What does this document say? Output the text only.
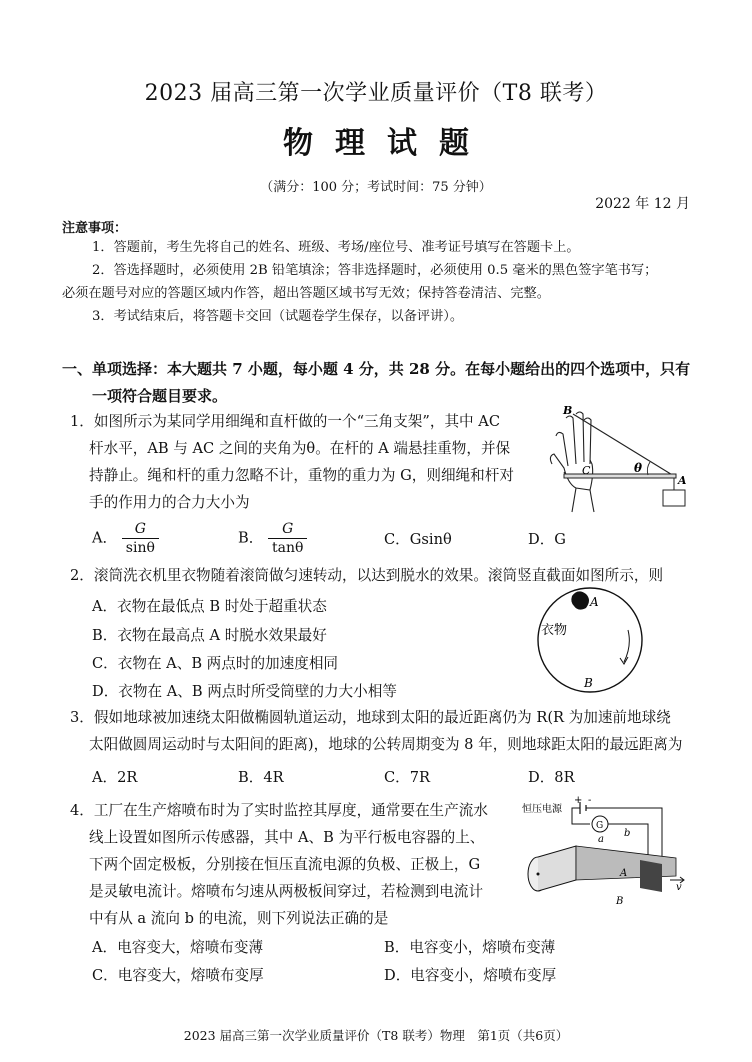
2023 届高三第一次学业质量评价（T8 联考）
物理试题
（满分：100 分；考试时间：75 分钟）
2022 年 12 月
注意事项：
1．答题前，考生先将自己的姓名、班级、考场/座位号、准考证号填写在答题卡上。
2．答选择题时，必须使用 2B 铅笔填涂；答非选择题时，必须使用 0.5 毫米的黑色签字笔书写；
必须在题号对应的答题区域内作答，超出答题区域书写无效；保持答卷清洁、完整。
3．考试结束后，将答题卡交回（试题卷学生保存，以备评讲）。
一、单项选择：本大题共 7 小题，每小题 4 分，共 28 分。在每小题给出的四个选项中，只有
一项符合题目要求。
1．如图所示为某同学用细绳和直杆做的一个“三角支架”，其中 AC
杆水平，AB 与 AC 之间的夹角为θ。在杆的 A 端悬挂重物，并保
持静止。绳和杆的重力忽略不计，重物的重力为 G，则细绳和杆对
手的作用力的合力大小为
A． $\frac{G}{\sin\theta}$	B． $\frac{G}{\tan\theta}$	C．Gsinθ	D．G
B
C	θ
A
2．滚筒洗衣机里衣物随着滚筒做匀速转动，以达到脱水的效果。滚筒竖直截面如图所示，则
A．衣物在最低点 B 时处于超重状态
B．衣物在最高点 A 时脱水效果最好
C．衣物在 A、B 两点时的加速度相同
D．衣物在 A、B 两点时所受筒壁的力大小相等
A
B
衣物
3．假如地球被加速绕太阳做椭圆轨道运动，地球到太阳的最近距离仍为 R(R 为加速前地球绕
太阳做圆周运动时与太阳间的距离)，地球的公转周期变为 8 年，则地球距太阳的最远距离为
A．2R	B．4R	C．7R	D．8R
4．工厂在生产熔喷布时为了实时监控其厚度，通常要在生产流水
线上设置如图所示传感器，其中 A、B 为平行板电容器的上、
下两个固定极板，分别接在恒压直流电源的负极、正极上，G
是灵敏电流计。熔喷布匀速从两极板间穿过，若检测到电流计
中有从 a 流向 b 的电流，则下列说法正确的是
A．电容变大，熔喷布变薄	B．电容变小，熔喷布变薄
C．电容变大，熔喷布变厚	D．电容变小，熔喷布变厚
恒压电源
+ -
G
a
b
A
B
v
2023 届高三第一次学业质量评价（T8 联考）物理　第1页（共6页）
